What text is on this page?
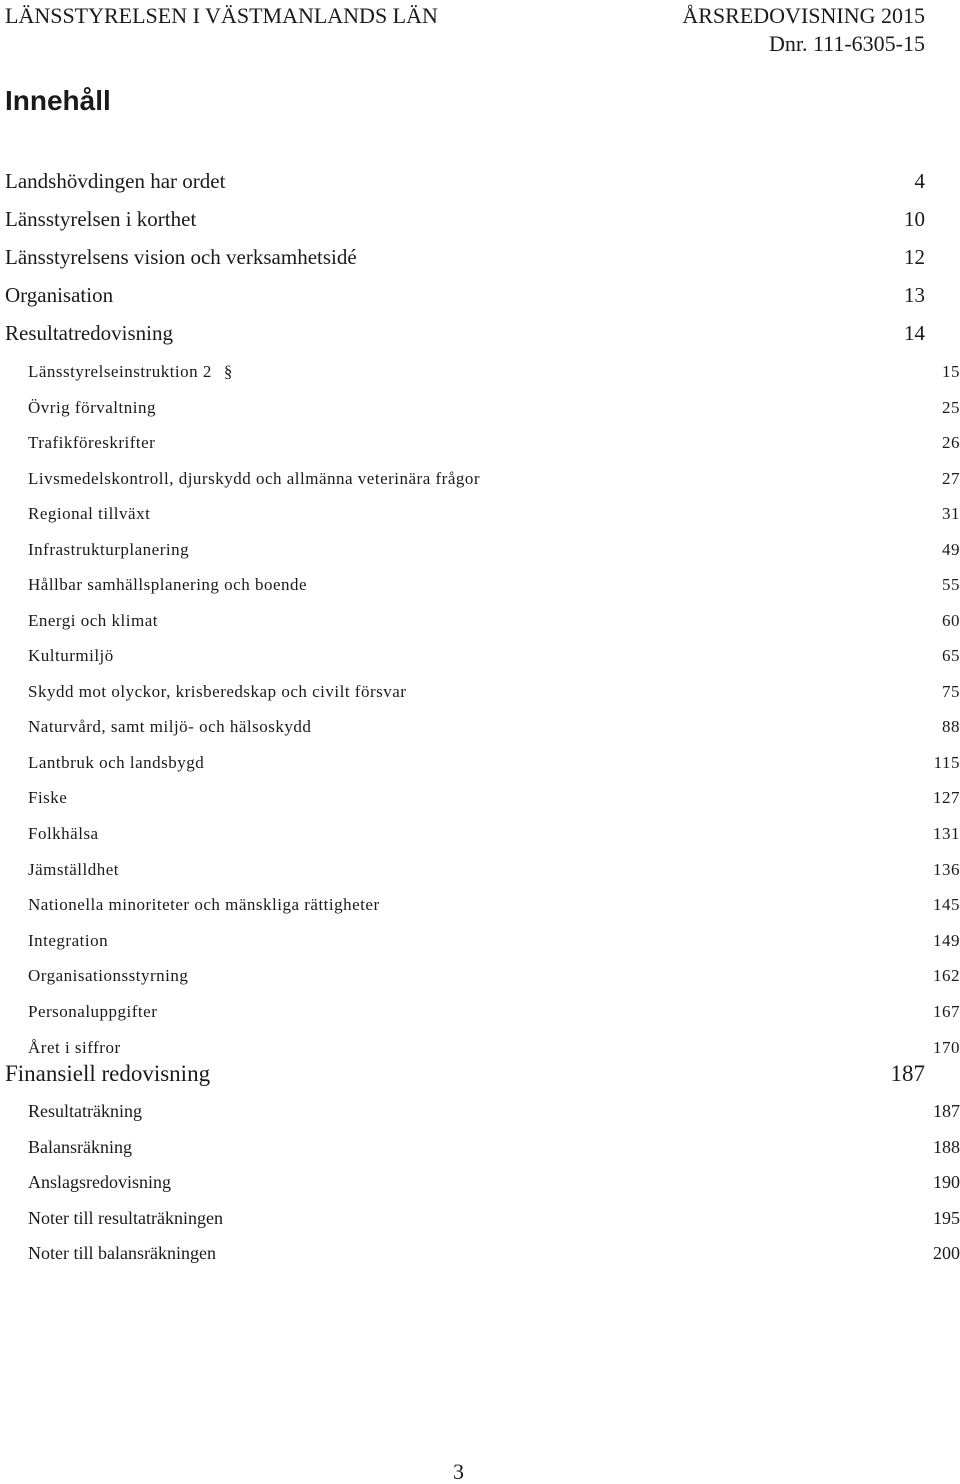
LÄNSSTYRELSEN I VÄSTMANLANDS LÄN	ÅRSREDOVISNING 2015
Dnr. 111-6305-15
Innehåll
Landshövdingen har ordet	4
Länsstyrelsen i korthet	10
Länsstyrelsens vision och verksamhetsidé	12
Organisation	13
Resultatredovisning	14
Länsstyrelseinstruktion 2 §	15
Övrig förvaltning	25
Trafikföreskrifter	26
Livsmedelskontroll, djurskydd och allmänna veterinära frågor	27
Regional tillväxt	31
Infrastrukturplanering	49
Hållbar samhällsplanering och boende	55
Energi och klimat	60
Kulturmiljö	65
Skydd mot olyckor, krisberedskap och civilt försvar	75
Naturvård, samt miljö- och hälsoskydd	88
Lantbruk och landsbygd	115
Fiske	127
Folkhälsa	131
Jämställdhet	136
Nationella minoriteter och mänskliga rättigheter	145
Integration	149
Organisationsstyrning	162
Personaluppgifter	167
Året i siffror	170
Finansiell redovisning	187
Resultaträkning	187
Balansräkning	188
Anslagsredovisning	190
Noter till resultaträkningen	195
Noter till balansräkningen	200
3
